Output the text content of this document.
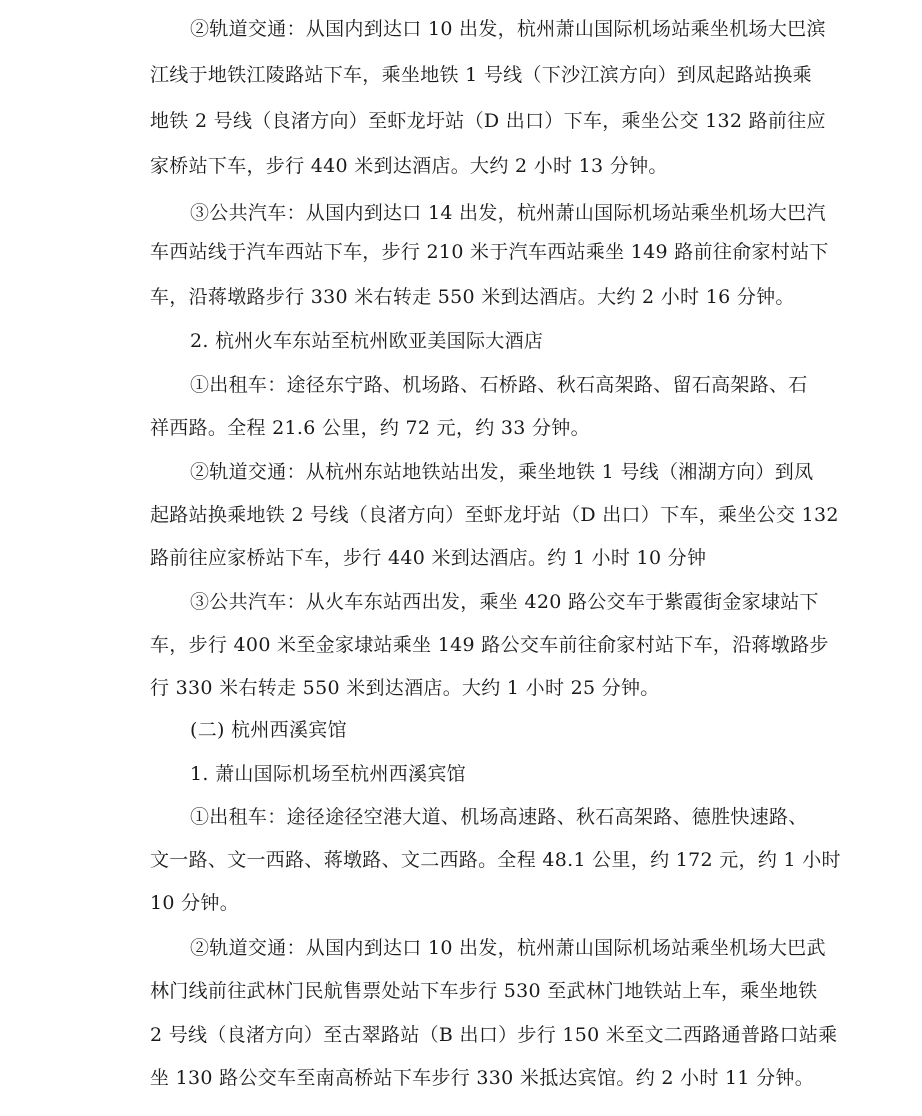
②轨道交通：从国内到达口 10 出发，杭州萧山国际机场站乘坐机场大巴滨
江线于地铁江陵路站下车，乘坐地铁 1 号线（下沙江滨方向）到凤起路站换乘
地铁 2 号线（良渚方向）至虾龙圩站（D 出口）下车，乘坐公交 132 路前往应
家桥站下车，步行 440 米到达酒店。大约 2 小时 13 分钟。
③公共汽车：从国内到达口 14 出发，杭州萧山国际机场站乘坐机场大巴汽
车西站线于汽车西站下车，步行 210 米于汽车西站乘坐 149 路前往俞家村站下
车，沿蒋墩路步行 330 米右转走 550 米到达酒店。大约 2 小时 16 分钟。
2. 杭州火车东站至杭州欧亚美国际大酒店
①出租车：途径东宁路、机场路、石桥路、秋石高架路、留石高架路、石
祥西路。全程 21.6 公里，约 72 元，约 33 分钟。
②轨道交通：从杭州东站地铁站出发，乘坐地铁 1 号线（湘湖方向）到凤
起路站换乘地铁 2 号线（良渚方向）至虾龙圩站（D 出口）下车，乘坐公交 132
路前往应家桥站下车，步行 440 米到达酒店。约 1 小时 10 分钟
③公共汽车：从火车东站西出发，乘坐 420 路公交车于紫霞街金家埭站下
车，步行 400 米至金家埭站乘坐 149 路公交车前往俞家村站下车，沿蒋墩路步
行 330 米右转走 550 米到达酒店。大约 1 小时 25 分钟。
(二) 杭州西溪宾馆
1. 萧山国际机场至杭州西溪宾馆
①出租车：途径途径空港大道、机场高速路、秋石高架路、德胜快速路、
文一路、文一西路、蒋墩路、文二西路。全程 48.1 公里，约 172 元，约 1 小时
10 分钟。
②轨道交通：从国内到达口 10 出发，杭州萧山国际机场站乘坐机场大巴武
林门线前往武林门民航售票处站下车步行 530 至武林门地铁站上车，乘坐地铁
2 号线（良渚方向）至古翠路站（B 出口）步行 150 米至文二西路通普路口站乘
坐 130 路公交车至南高桥站下车步行 330 米抵达宾馆。约 2 小时 11 分钟。
